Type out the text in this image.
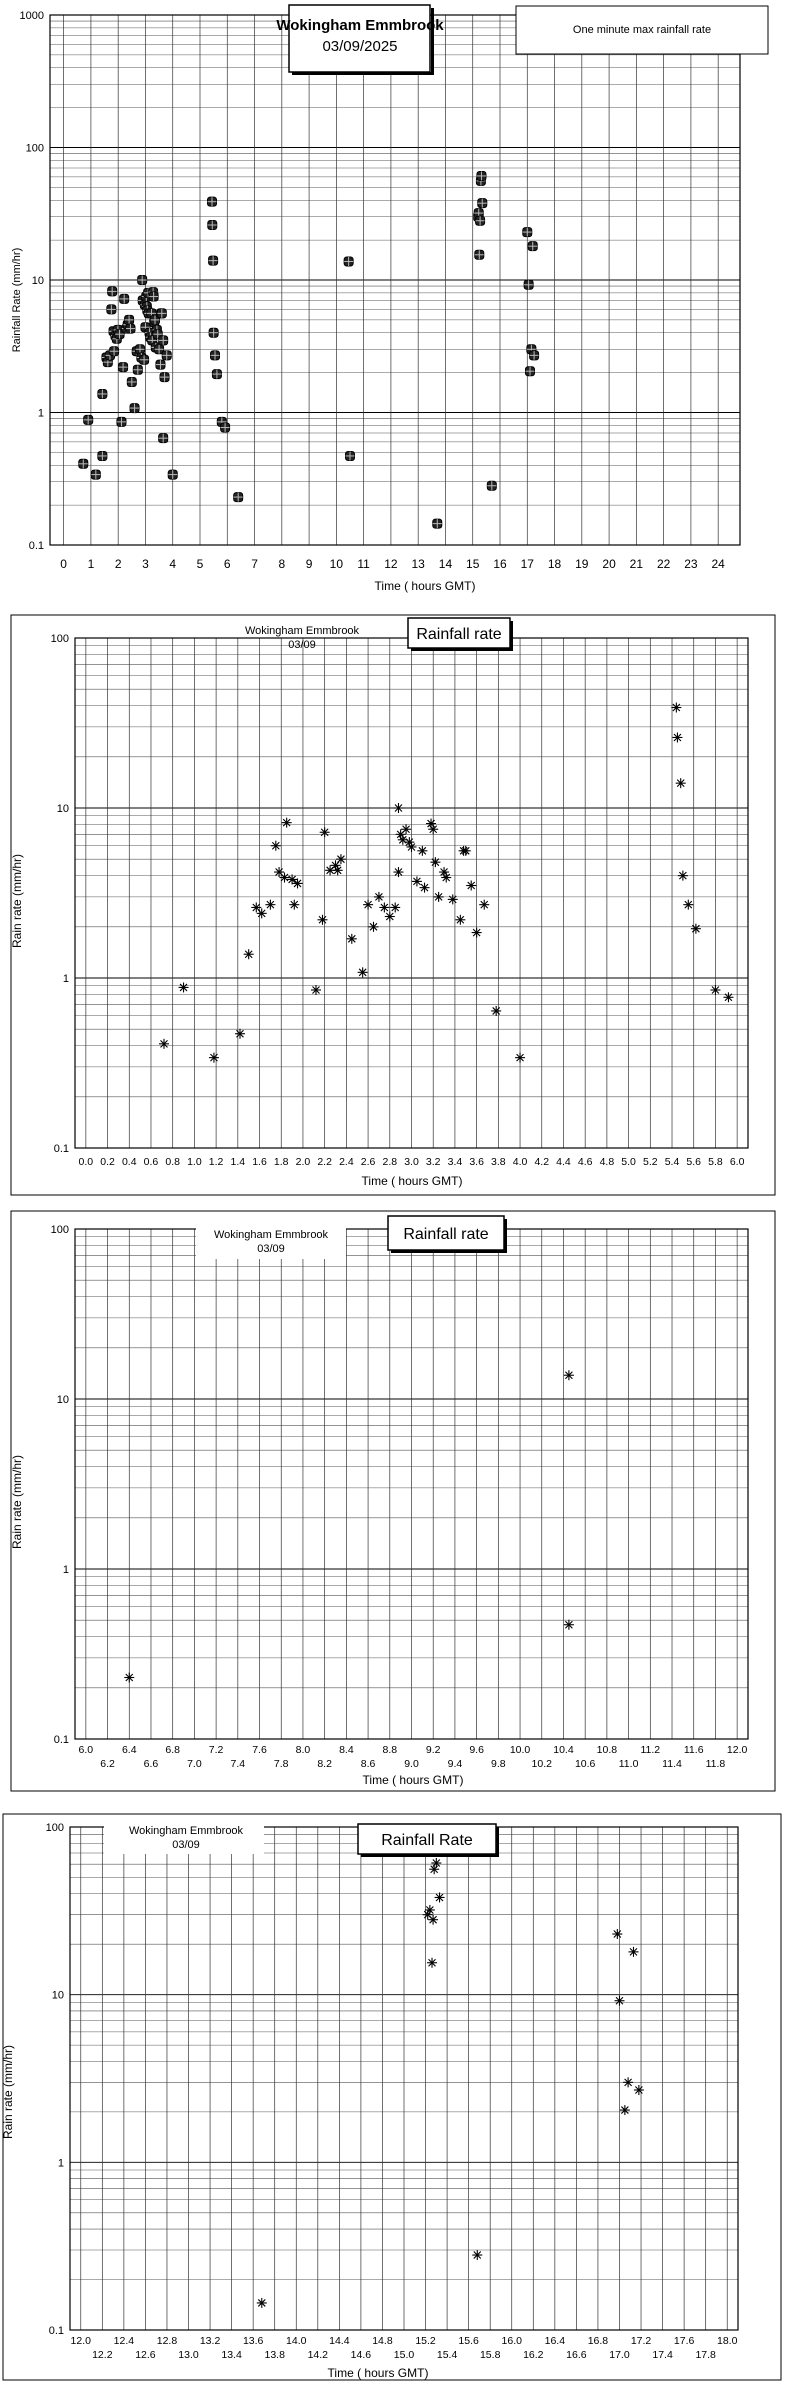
1000
100
10
1
0.1
0 1 2 3 4 5 6 7 8 9 10 11 12 13 14 15 16 17 18 19 20 21 22 23 24
Wokingham Emmbrook
03/09/2025
One minute max rainfall rate
Rainfall Rate (mm/hr)
Time ( hours GMT)
100
10
1
0.1
0.0 0.2 0.4 0.6 0.8 1.0 1.2 1.4 1.6 1.8 2.0 2.2 2.4 2.6 2.8 3.0 3.2 3.4 3.6 3.8 4.0 4.2 4.4 4.6 4.8 5.0 5.2 5.4 5.6 5.8 6.0
Wokingham Emmbrook
03/09
Rainfall rate
Rain rate (mm/hr)
Time ( hours GMT)
100
10
1
0.1
6.0	6.4	6.8	7.2	7.6	8.0	8.4	8.8	9.2	9.6 10.0 10.4 10.8 11.2 11.6 12.0
6.2	6.6	7.0	7.4	7.8	8.2	8.6	9.0	9.4	9.8 10.2 10.6 11.0 11.4 11.8
Wokingham Emmbrook
03/09
Rainfall rate
Rain rate (mm/hr)
Time ( hours GMT)
100
10
1
0.1
12.0 12.4 12.8 13.2 13.6 14.0 14.4 14.8 15.2 15.6 16.0 16.4 16.8 17.2 17.6 18.0
12.2 12.6 13.0 13.4 13.8 14.2 14.6 15.0 15.4 15.8 16.2 16.6 17.0 17.4 17.8
Wokingham Emmbrook
03/09	Rainfall Rate
Rain rate (mm/hr)
Time ( hours GMT)
